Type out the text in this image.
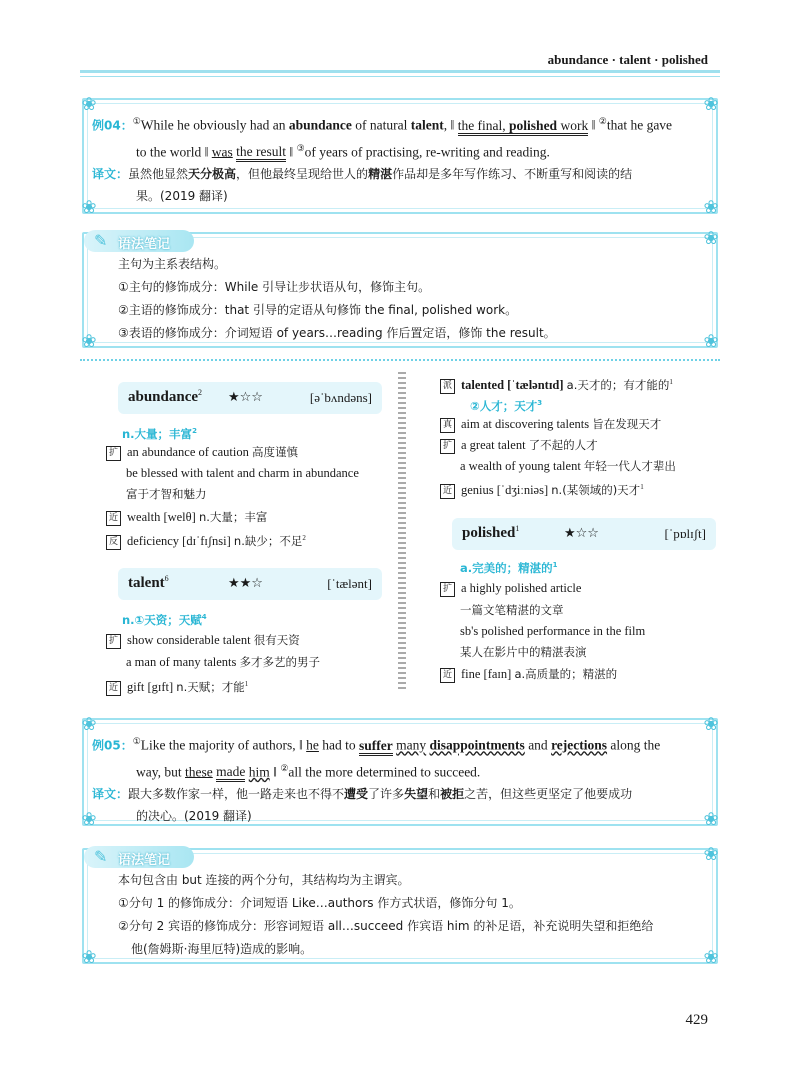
abundance · talent · polished
❀	❀
❀	❀
例04：①While he obviously had an abundance of natural talent, ‖ the final, polished work ‖ ②that he gave
to the world ‖ was the result ‖ ③of years of practising, re-writing and reading.
译文：虽然他显然天分极高，但他最终呈现给世人的精湛作品却是多年写作练习、不断重写和阅读的结
果。(2019 翻译)
❀
❀	❀
✎ 语法笔记
主句为主系表结构。
①主句的修饰成分：While 引导让步状语从句，修饰主句。
②主语的修饰成分：that 引导的定语从句修饰 the final, polished work。
③表语的修饰成分：介词短语 of years…reading 作后置定语，修饰 the result。
abundance$^2$ ★☆☆	[əˈbʌndəns]
n.大量；丰富$^2$
扩 an abundance of caution 高度谨慎
be blessed with talent and charm in abundance
富于才智和魅力
近 wealth [welθ] n.大量；丰富
反 deficiency [dɪˈfɪʃnsi] n.缺少；不足$^2$
talent$^6$	★★☆	[ˈtælənt]
n.①天资；天赋$^4$
扩 show considerable talent 很有天资
a man of many talents 多才多艺的男子
近 gift [gɪft] n.天赋；才能$^1$
派 talented [ˈtæləntɪd] a.天才的；有才能的$^1$
②人才；天才$^3$
真 aim at discovering talents 旨在发现天才
扩 a great talent 了不起的人才
a wealth of young talent 年轻一代人才辈出
近 genius [ˈdʒiːniəs] n.(某领域的)天才$^1$
polished$^1$	★☆☆	[ˈpɒlɪʃt]
a.完美的；精湛的$^1$
扩 a highly polished article
一篇文笔精湛的文章
sb's polished performance in the film
某人在影片中的精湛表演
近 fine [faɪn] a.高质量的；精湛的
❀	❀
❀	❀
例05：①Like the majority of authors, ‖ he had to suffer many disappointments and rejections along the
way, but these made him ‖ ②all the more determined to succeed.
译文：跟大多数作家一样，他一路走来也不得不遭受了许多失望和被拒之苦，但这些更坚定了他要成功
的决心。(2019 翻译)
❀
❀	❀
✎ 语法笔记
本句包含由 but 连接的两个分句，其结构均为主谓宾。
①分句 1 的修饰成分：介词短语 Like…authors 作方式状语，修饰分句 1。
②分句 2 宾语的修饰成分：形容词短语 all…succeed 作宾语 him 的补足语，补充说明失望和拒绝给
他(詹姆斯·海里厄特)造成的影响。
429
